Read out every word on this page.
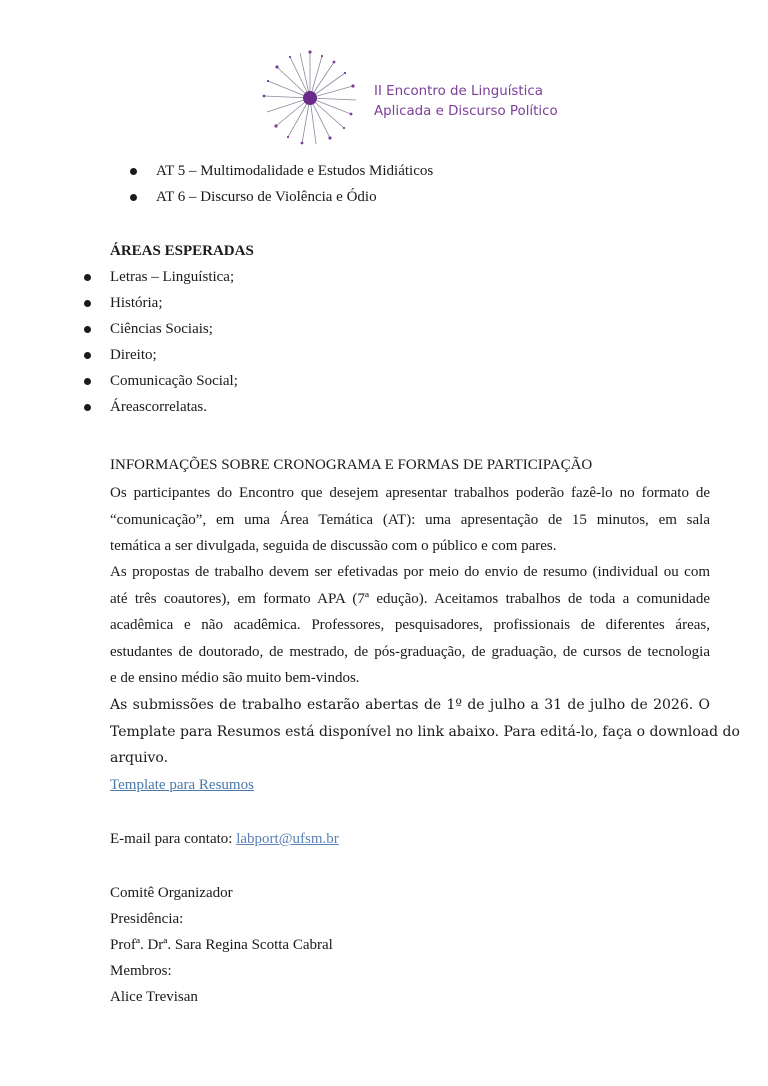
II Encontro de Linguística
Aplicada e Discurso Político
AT 5 – Multimodalidade e Estudos Midiáticos
AT 6 – Discurso de Violência e Ódio
ÁREAS ESPERADAS
Letras – Linguística;
História;
Ciências Sociais;
Direito;
Comunicação Social;
Áreascorrelatas.
INFORMAÇÕES SOBRE CRONOGRAMA E FORMAS DE PARTICIPAÇÃO
Os participantes do Encontro que desejem apresentar trabalhos poderão fazê-lo no formato de
“comunicação”, em uma Área Temática (AT): uma apresentação de 15 minutos, em sala
temática a ser divulgada, seguida de discussão com o público e com pares.
As propostas de trabalho devem ser efetivadas por meio do envio de resumo (individual ou com
até três coautores), em formato APA (7ª edução). Aceitamos trabalhos de toda a comunidade
acadêmica e não acadêmica. Professores, pesquisadores, profissionais de diferentes áreas,
estudantes de doutorado, de mestrado, de pós-graduação, de graduação, de cursos de tecnologia
e de ensino médio são muito bem-vindos.
As submissões de trabalho estarão abertas de 1º de julho a 31 de julho de 2026. O
Template para Resumos está disponível no link abaixo. Para editá-lo, faça o download do
arquivo.
Template para Resumos
E-mail para contato: labport@ufsm.br
Comitê Organizador
Presidência:
Profª. Drª. Sara Regina Scotta Cabral
Membros:
Alice Trevisan
